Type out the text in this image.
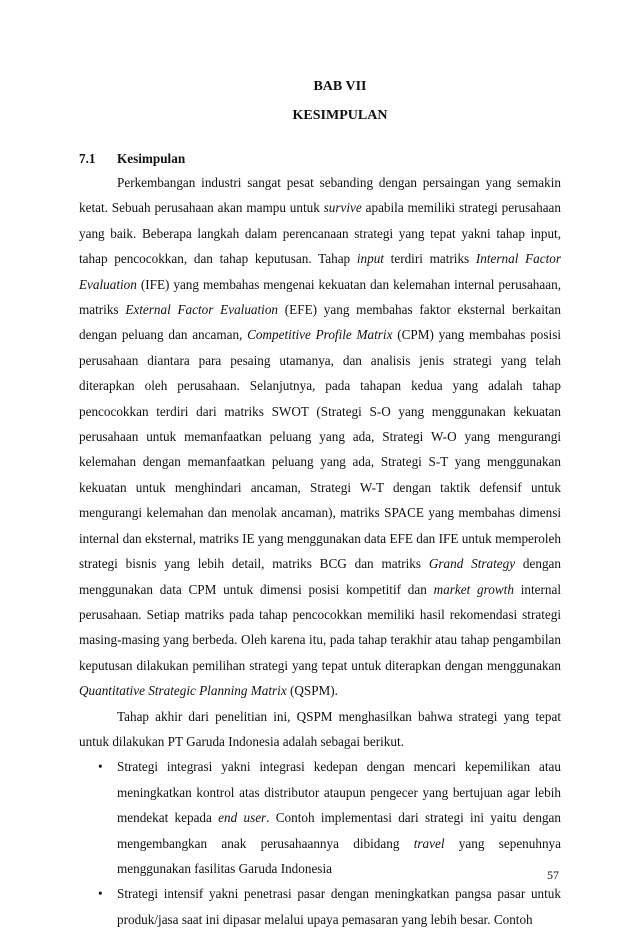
BAB VII
KESIMPULAN
7.1 Kesimpulan

Perkembangan industri sangat pesat sebanding dengan persaingan yang semakin ketat. Sebuah perusahaan akan mampu untuk survive apabila memiliki strategi perusahaan yang baik. Beberapa langkah dalam perencanaan strategi yang tepat yakni tahap input, tahap pencocokkan, dan tahap keputusan. Tahap input terdiri matriks Internal Factor Evaluation (IFE) yang membahas mengenai kekuatan dan kelemahan internal perusahaan, matriks External Factor Evaluation (EFE) yang membahas faktor eksternal berkaitan dengan peluang dan ancaman, Competitive Profile Matrix (CPM) yang membahas posisi perusahaan diantara para pesaing utamanya, dan analisis jenis strategi yang telah diterapkan oleh perusahaan. Selanjutnya, pada tahapan kedua yang adalah tahap pencocokkan terdiri dari matriks SWOT (Strategi S-O yang menggunakan kekuatan perusahaan untuk memanfaatkan peluang yang ada, Strategi W-O yang mengurangi kelemahan dengan memanfaatkan peluang yang ada, Strategi S-T yang menggunakan kekuatan untuk menghindari ancaman, Strategi W-T dengan taktik defensif untuk mengurangi kelemahan dan menolak ancaman), matriks SPACE yang membahas dimensi internal dan eksternal, matriks IE yang menggunakan data EFE dan IFE untuk memperoleh strategi bisnis yang lebih detail, matriks BCG dan matriks Grand Strategy dengan menggunakan data CPM untuk dimensi posisi kompetitif dan market growth internal perusahaan. Setiap matriks pada tahap pencocokkan memiliki hasil rekomendasi strategi masing-masing yang berbeda. Oleh karena itu, pada tahap terakhir atau tahap pengambilan keputusan dilakukan pemilihan strategi yang tepat untuk diterapkan dengan menggunakan Quantitative Strategic Planning Matrix (QSPM).

Tahap akhir dari penelitian ini, QSPM menghasilkan bahwa strategi yang tepat untuk dilakukan PT Garuda Indonesia adalah sebagai berikut.

• Strategi integrasi yakni integrasi kedepan dengan mencari kepemilikan atau meningkatkan kontrol atas distributor ataupun pengecer yang bertujuan agar lebih mendekat kepada end user. Contoh implementasi dari strategi ini yaitu dengan mengembangkan anak perusahaannya dibidang travel yang sepenuhnya menggunakan fasilitas Garuda Indonesia
• Strategi intensif yakni penetrasi pasar dengan meningkatkan pangsa pasar untuk produk/jasa saat ini dipasar melalui upaya pemasaran yang lebih besar. Contoh
57
